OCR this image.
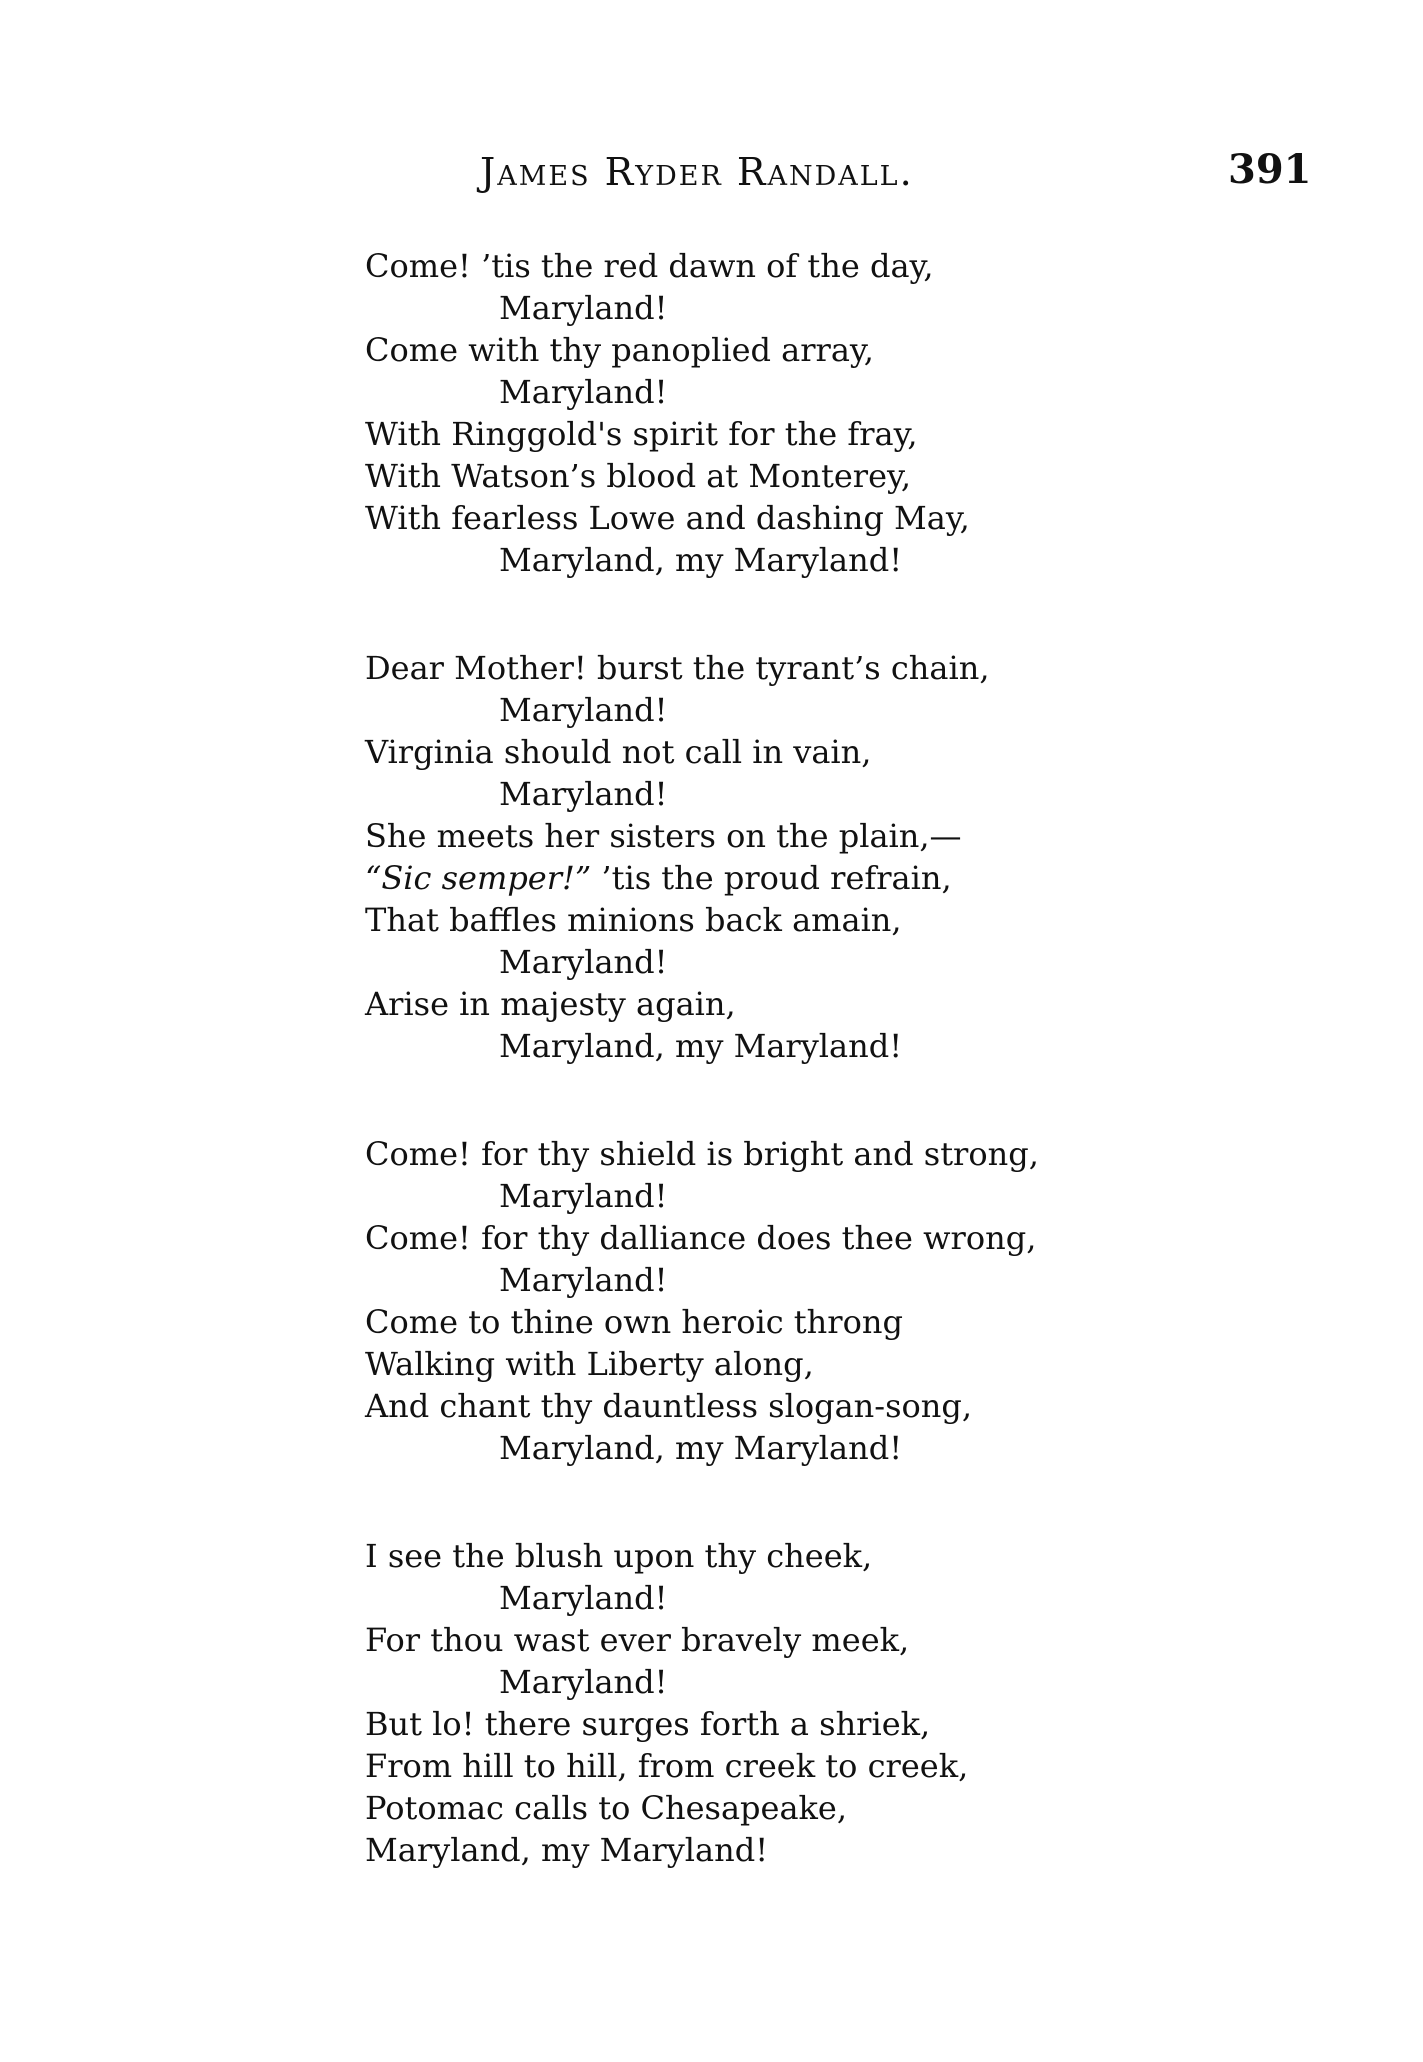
James Ryder Randall.	391
Come! ’tis the red dawn of the day,
Maryland!
Come with thy panoplied array,
Maryland!
With Ringgold's spirit for the fray,
With Watson’s blood at Monterey,
With fearless Lowe and dashing May,
Maryland, my Maryland!
Dear Mother! burst the tyrant’s chain,
Maryland!
Virginia should not call in vain,
Maryland!
She meets her sisters on the plain,—
“Sic semper!” ’tis the proud refrain,
That baffles minions back amain,
Maryland!
Arise in majesty again,
Maryland, my Maryland!
Come! for thy shield is bright and strong,
Maryland!
Come! for thy dalliance does thee wrong,
Maryland!
Come to thine own heroic throng
Walking with Liberty along,
And chant thy dauntless slogan-song,
Maryland, my Maryland!
I see the blush upon thy cheek,
Maryland!
For thou wast ever bravely meek,
Maryland!
But lo! there surges forth a shriek,
From hill to hill, from creek to creek,
Potomac calls to Chesapeake,
Maryland, my Maryland!
